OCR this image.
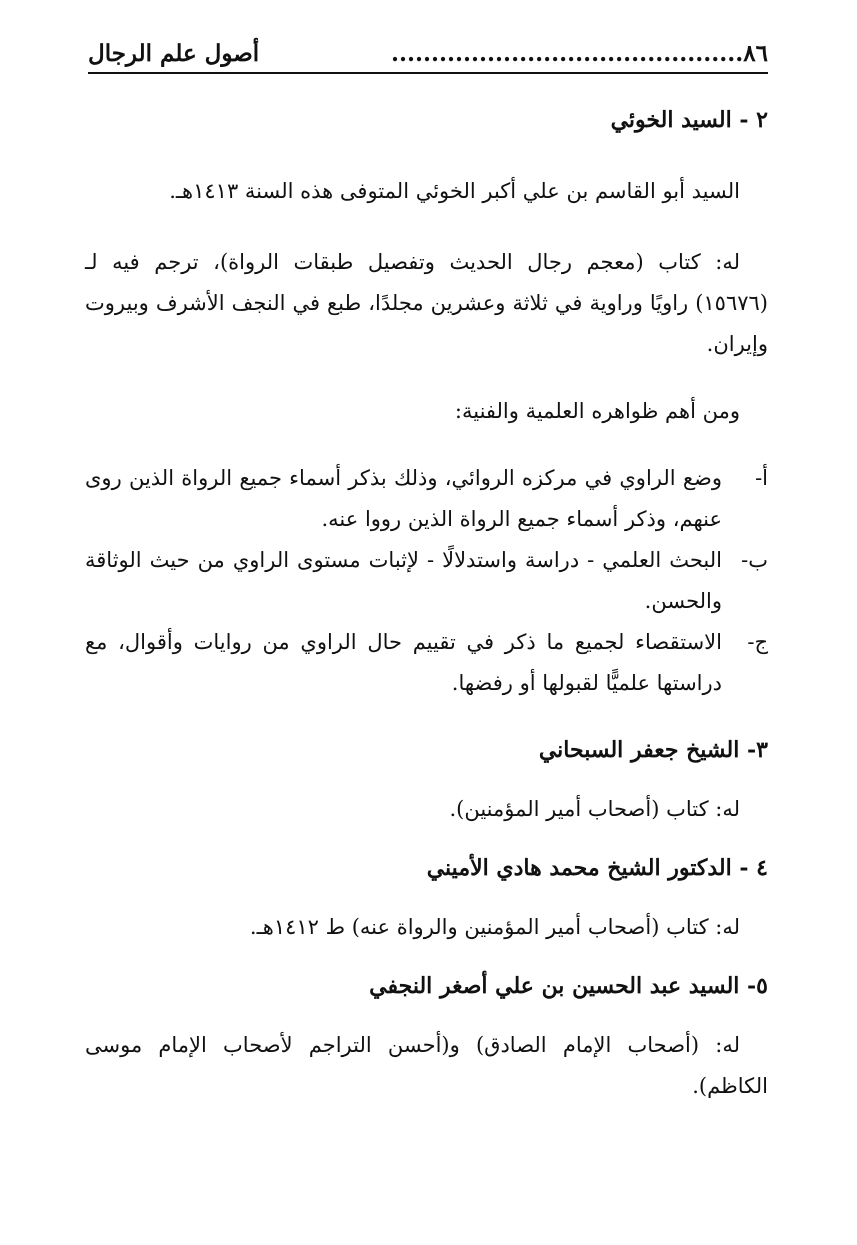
٨٦............................................
أصول علم الرجال

٢ - السيد الخوئي

السيد أبو القاسم بن علي أكبر الخوئي المتوفى هذه السنة ١٤١٣هـ.

له: كتاب (معجم رجال الحديث وتفصيل طبقات الرواة)، ترجم فيه لـ (١٥٦٧٦) راويًا وراوية في ثلاثة وعشرين مجلدًا، طبع في النجف الأشرف وبيروت وإيران.

ومن أهم ظواهره العلمية والفنية:

أ-
وضع الراوي في مركزه الروائي، وذلك بذكر أسماء جميع الرواة الذين روى عنهم، وذكر أسماء جميع الرواة الذين رووا عنه.
ب-
البحث العلمي - دراسة واستدلالًا - لإثبات مستوى الراوي من حيث الوثاقة والحسن.
ج-
الاستقصاء لجميع ما ذكر في تقييم حال الراوي من روايات وأقوال، مع دراستها علميًّا لقبولها أو رفضها.

٣- الشيخ جعفر السبحاني

له: كتاب (أصحاب أمير المؤمنين).

٤ - الدكتور الشيخ محمد هادي الأميني

له: كتاب (أصحاب أمير المؤمنين والرواة عنه) ط ١٤١٢هـ.

٥- السيد عبد الحسين بن علي أصغر النجفي

له: (أصحاب الإمام الصادق) و(أحسن التراجم لأصحاب الإمام موسى الكاظم).
